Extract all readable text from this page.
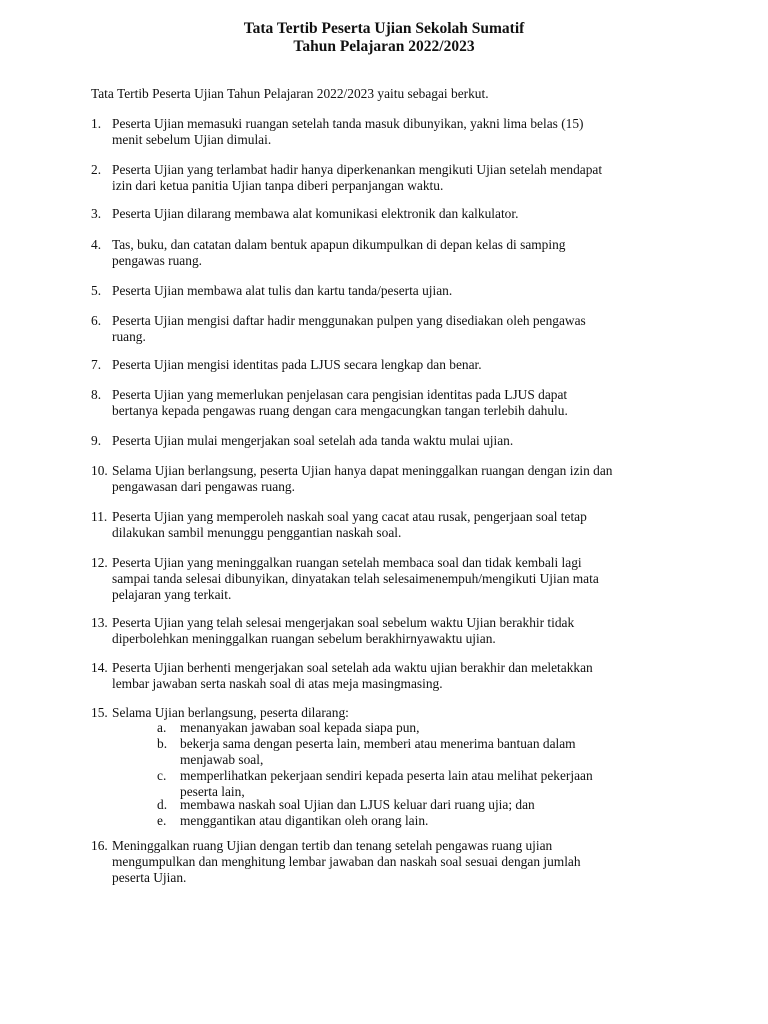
Tata Tertib Peserta Ujian Sekolah Sumatif
Tahun Pelajaran 2022/2023
Tata Tertib Peserta Ujian Tahun Pelajaran 2022/2023 yaitu sebagai berkut.
1. Peserta Ujian memasuki ruangan setelah tanda masuk dibunyikan, yakni lima belas (15)
menit sebelum Ujian dimulai.
2. Peserta Ujian yang terlambat hadir hanya diperkenankan mengikuti Ujian setelah mendapat
izin dari ketua panitia Ujian tanpa diberi perpanjangan waktu.
3. Peserta Ujian dilarang membawa alat komunikasi elektronik dan kalkulator.
4. Tas, buku, dan catatan dalam bentuk apapun dikumpulkan di depan kelas di samping
pengawas ruang.
5. Peserta Ujian membawa alat tulis dan kartu tanda/peserta ujian.
6. Peserta Ujian mengisi daftar hadir menggunakan pulpen yang disediakan oleh pengawas
ruang.
7. Peserta Ujian mengisi identitas pada LJUS secara lengkap dan benar.
8. Peserta Ujian yang memerlukan penjelasan cara pengisian identitas pada LJUS dapat
bertanya kepada pengawas ruang dengan cara mengacungkan tangan terlebih dahulu.
9. Peserta Ujian mulai mengerjakan soal setelah ada tanda waktu mulai ujian.
10. Selama Ujian berlangsung, peserta Ujian hanya dapat meninggalkan ruangan dengan izin dan
pengawasan dari pengawas ruang.
11. Peserta Ujian yang memperoleh naskah soal yang cacat atau rusak, pengerjaan soal tetap
dilakukan sambil menunggu penggantian naskah soal.
12. Peserta Ujian yang meninggalkan ruangan setelah membaca soal dan tidak kembali lagi
sampai tanda selesai dibunyikan, dinyatakan telah selesaimenempuh/mengikuti Ujian mata
pelajaran yang terkait.
13. Peserta Ujian yang telah selesai mengerjakan soal sebelum waktu Ujian berakhir tidak
diperbolehkan meninggalkan ruangan sebelum berakhirnyawaktu ujian.
14. Peserta Ujian berhenti mengerjakan soal setelah ada waktu ujian berakhir dan meletakkan
lembar jawaban serta naskah soal di atas meja masingmasing.
15. Selama Ujian berlangsung, peserta dilarang:
16. Meninggalkan ruang Ujian dengan tertib dan tenang setelah pengawas ruang ujian
mengumpulkan dan menghitung lembar jawaban dan naskah soal sesuai dengan jumlah
peserta Ujian.
a. menanyakan jawaban soal kepada siapa pun,
b. bekerja sama dengan peserta lain, memberi atau menerima bantuan dalam
menjawab soal,
c. memperlihatkan pekerjaan sendiri kepada peserta lain atau melihat pekerjaan
peserta lain,
d. membawa naskah soal Ujian dan LJUS keluar dari ruang ujia; dan
e. menggantikan atau digantikan oleh orang lain.
